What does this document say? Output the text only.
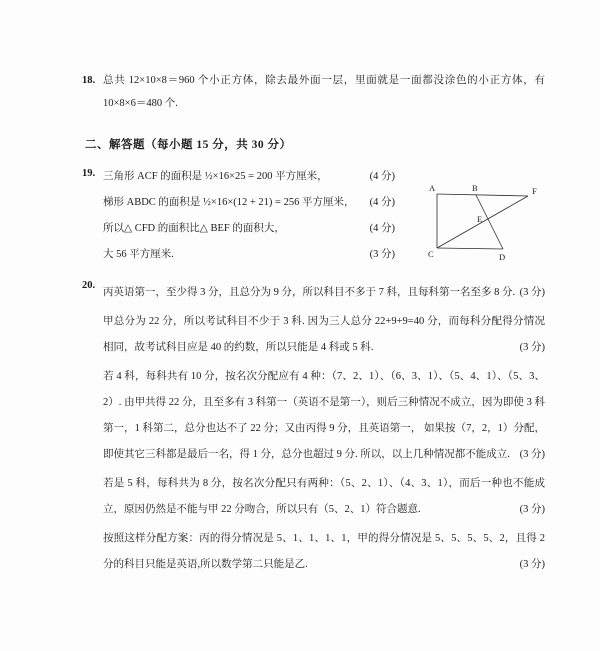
18. 总共 12×10×8＝960 个小正方体，除去最外面一层，里面就是一面都没涂色的小正方体，有 10×8×6＝480 个.
二、解答题（每小题 15 分，共 30 分）
19. 三角形 ACF 的面积是 ½×16×25 = 200 平方厘米，	(4 分)
梯形 ABDC 的面积是 ½×16×(12 + 21) = 256 平方厘米，	(4 分)
所以△ CFD 的面积比△ BEF 的面积大，	(4 分)
大 56 平方厘米.	(3 分)
A	B	F
E
C	D
20.

丙英语第一，至少得 3 分，且总分为 9 分，所以科目不多于 7 科，且每科第一名至多 8 分. (3 分)

甲总分为 22 分，所以考试科目不少于 3 科. 因为三人总分 22+9+9=40 分，而每科分配得分情况相同，故考试科目应是 40 的约数，所以只能是 4 科或 5 科.	(3 分)

若 4 科，每科共有 10 分，按名次分配应有 4 种：（7、2、1）、（6、3、1）、（5、4、1）、（5、3、2）. 由甲共得 22 分，且至多有 3 科第一（英语不是第一），则后三种情况不成立，因为即使 3 科第一，1 科第二，总分也达不了 22 分；又由丙得 9 分，且英语第一， 如果按（7，2，1）分配，即使其它三科都是最后一名，得 1 分，总分也超过 9 分. 所以，以上几种情况都不能成立. (3 分)

若是 5 科，每科共为 8 分，按名次分配只有两种：（5、2、1）、（4、3、1），而后一种也不能成立，原因仍然是不能与甲 22 分吻合，所以只有（5、2、1）符合题意.	(3 分)

按照这样分配方案：丙的得分情况是 5、1、1、1、1，甲的得分情况是 5、5、5、5、2，且得 2 分的科目只能是英语,所以数学第二只能是乙.	(3 分)
